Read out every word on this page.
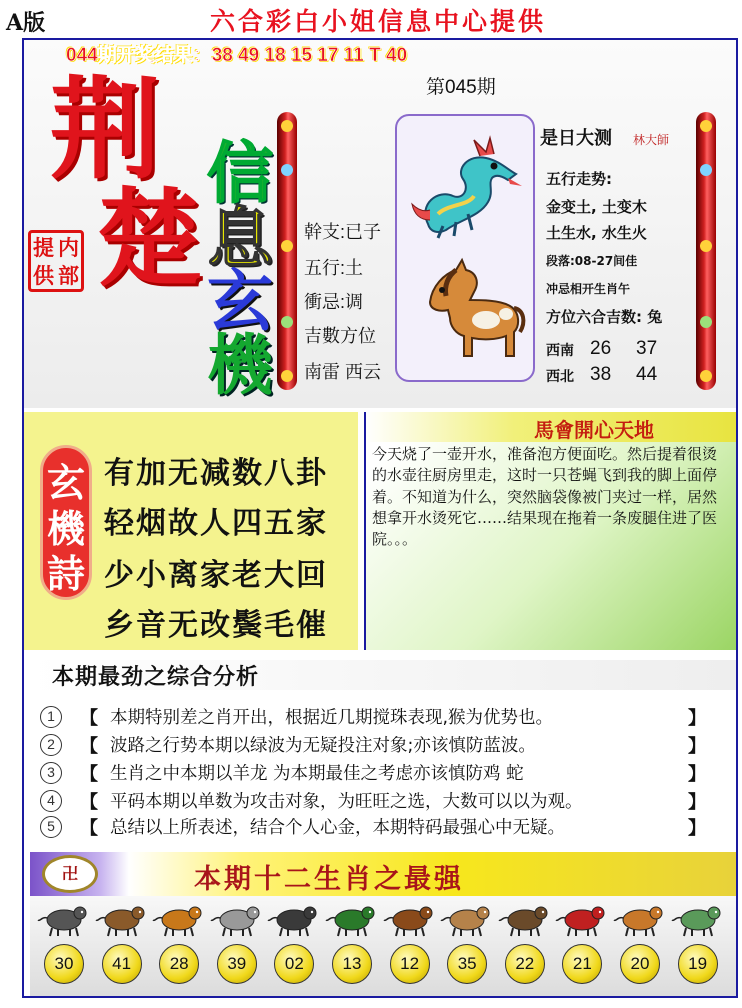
A版	六合彩白小姐信息中心提供
044期开奖结果：38 49 18 15 17 11 T 40
第045期
荆
楚
提 内
供 部
信
息
玄
機
幹支:已子
五行:土
衝忌:调
吉數方位
南雷 西云
是日大测 林大師
五行走势:
金变土, 土变木
土生水, 水生火
段落:08-27间佳
冲忌相开生肖午
方位六合吉数: 兔
西南 26 37
西北 38 44
玄
機
詩
有加无减数八卦
轻烟故人四五家
少小离家老大回
乡音无改鬓毛催
馬會開心天地
今天烧了一壶开水，准备泡方便面吃。然后提着很烫的水壶往厨房里走，这时一只苍蝇飞到我的脚上面停着。不知道为什么，突然脑袋像被门夹过一样，居然想拿开水烫死它……结果现在拖着一条废腿住进了医院。。。
本期最劲之综合分析
1	【 本期特别差之肖开出，根据近几期搅珠表现,猴为优势也。	】
2	【 波路之行势本期以绿波为无疑投注对象;亦该慎防蓝波。	】
3	【 生肖之中本期以羊龙 为本期最佳之考虑亦该慎防鸡 蛇	】
4	【 平码本期以单数为攻击对象，为旺旺之选，大数可以以为观。	】
5	【 总结以上所表述，结合个人心金，本期特码最强心中无疑。	】
卍	本期十二生肖之最强
30	41	28	39	02	13	12	35	22	21	20	19
